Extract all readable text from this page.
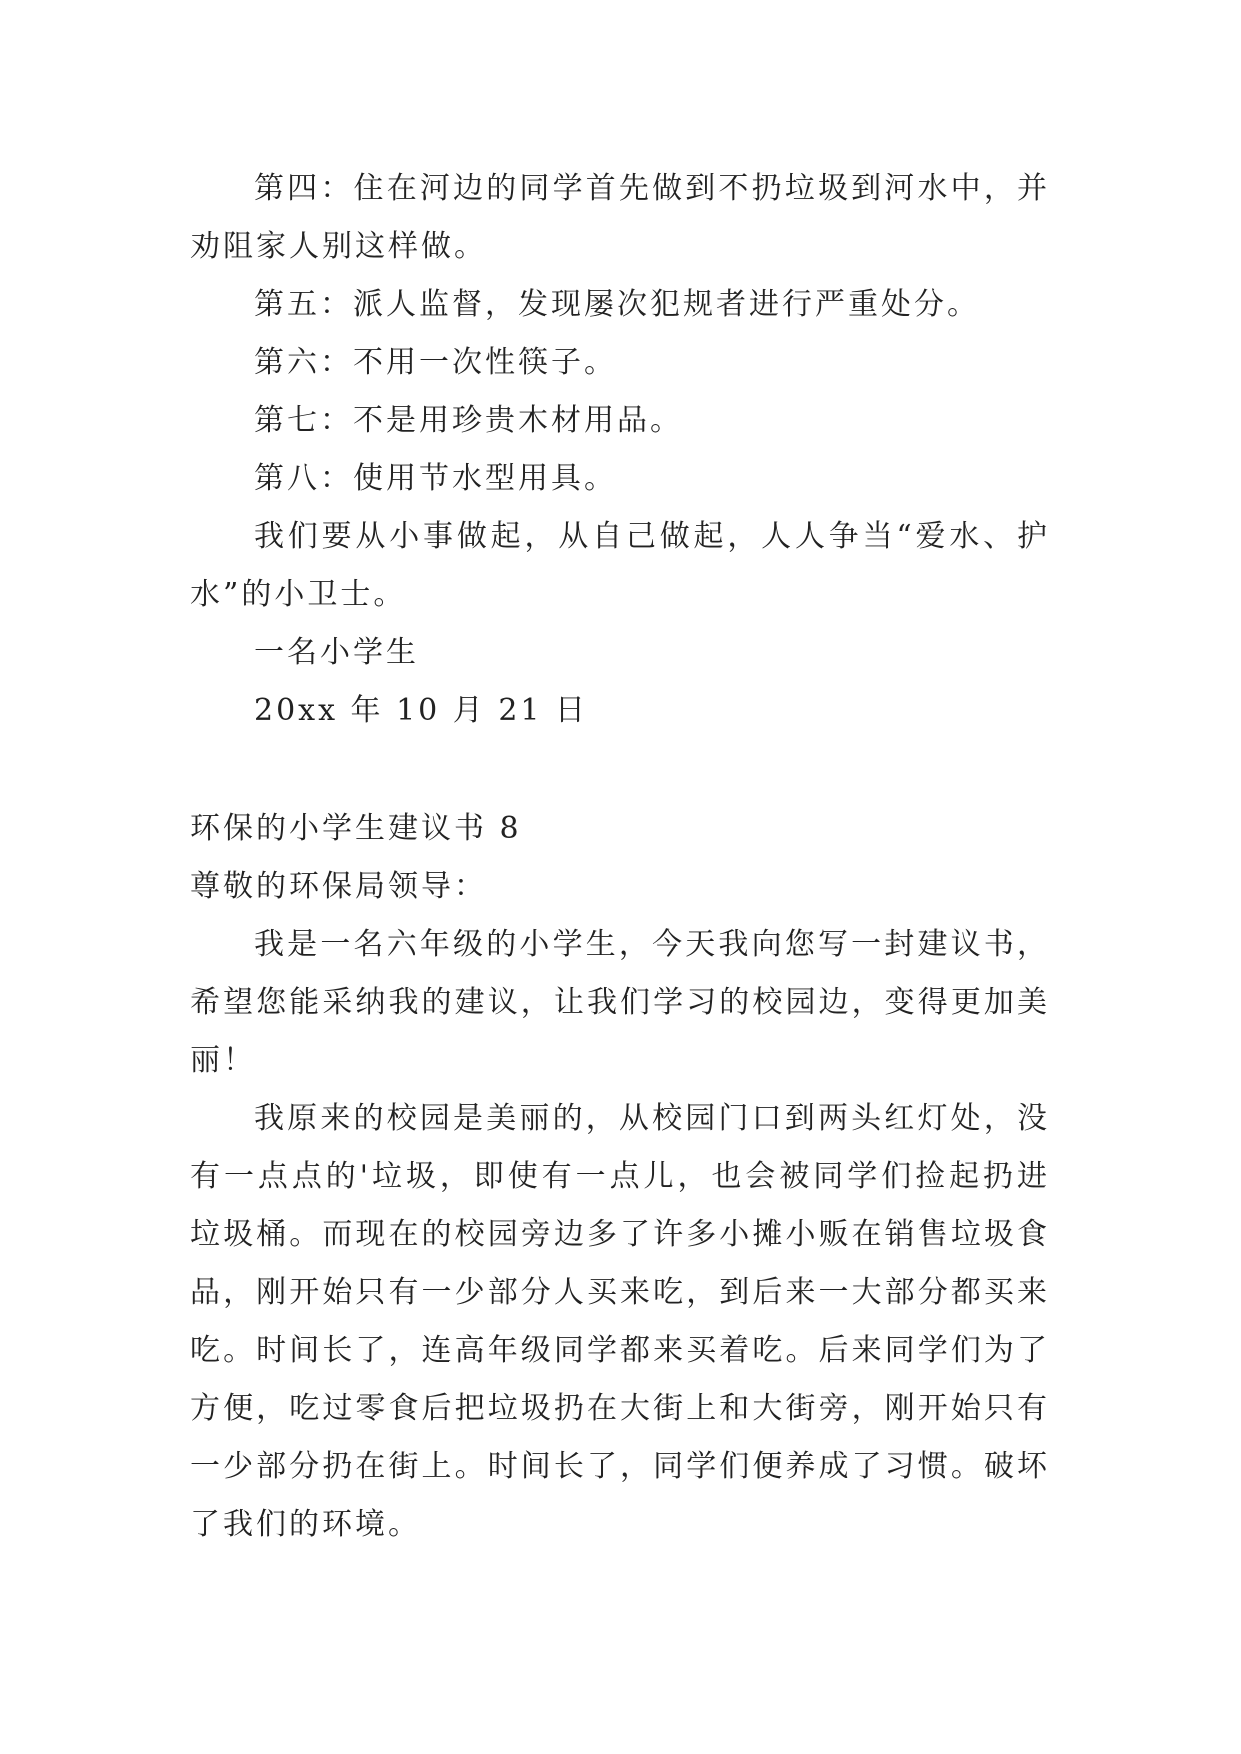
第四：住在河边的同学首先做到不扔垃圾到河水中，并劝阻家人别这样做。

第五：派人监督，发现屡次犯规者进行严重处分。

第六：不用一次性筷子。

第七：不是用珍贵木材用品。

第八：使用节水型用具。

我们要从小事做起，从自己做起，人人争当“爱水、护水”的小卫士。

一名小学生

20xx 年 10 月 21 日

环保的小学生建议书 8

尊敬的环保局领导：

我是一名六年级的小学生，今天我向您写一封建议书，希望您能采纳我的建议，让我们学习的校园边，变得更加美丽！

我原来的校园是美丽的，从校园门口到两头红灯处，没有一点点的'垃圾，即使有一点儿，也会被同学们捡起扔进垃圾桶。而现在的校园旁边多了许多小摊小贩在销售垃圾食品，刚开始只有一少部分人买来吃，到后来一大部分都买来吃。时间长了，连高年级同学都来买着吃。后来同学们为了方便，吃过零食后把垃圾扔在大街上和大街旁，刚开始只有一少部分扔在街上。时间长了，同学们便养成了习惯。破坏了我们的环境。
